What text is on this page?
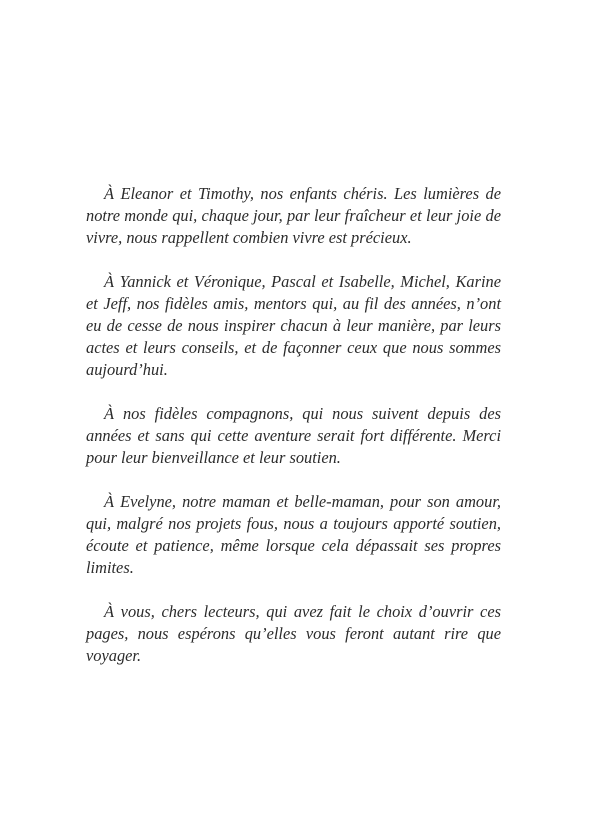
À Eleanor et Timothy, nos enfants chéris. Les lumières de notre monde qui, chaque jour, par leur fraîcheur et leur joie de vivre, nous rappellent combien vivre est précieux.

À Yannick et Véronique, Pascal et Isabelle, Michel, Karine et Jeff, nos fidèles amis, mentors qui, au fil des années, n’ont eu de cesse de nous inspirer chacun à leur manière, par leurs actes et leurs conseils, et de façonner ceux que nous sommes aujourd’hui.

À nos fidèles compagnons, qui nous suivent depuis des années et sans qui cette aventure serait fort différente. Merci pour leur bienveillance et leur soutien.

À Evelyne, notre maman et belle-maman, pour son amour, qui, malgré nos projets fous, nous a toujours apporté soutien, écoute et patience, même lorsque cela dépassait ses propres limites.

À vous, chers lecteurs, qui avez fait le choix d’ouvrir ces pages, nous espérons qu’elles vous feront autant rire que voyager.
